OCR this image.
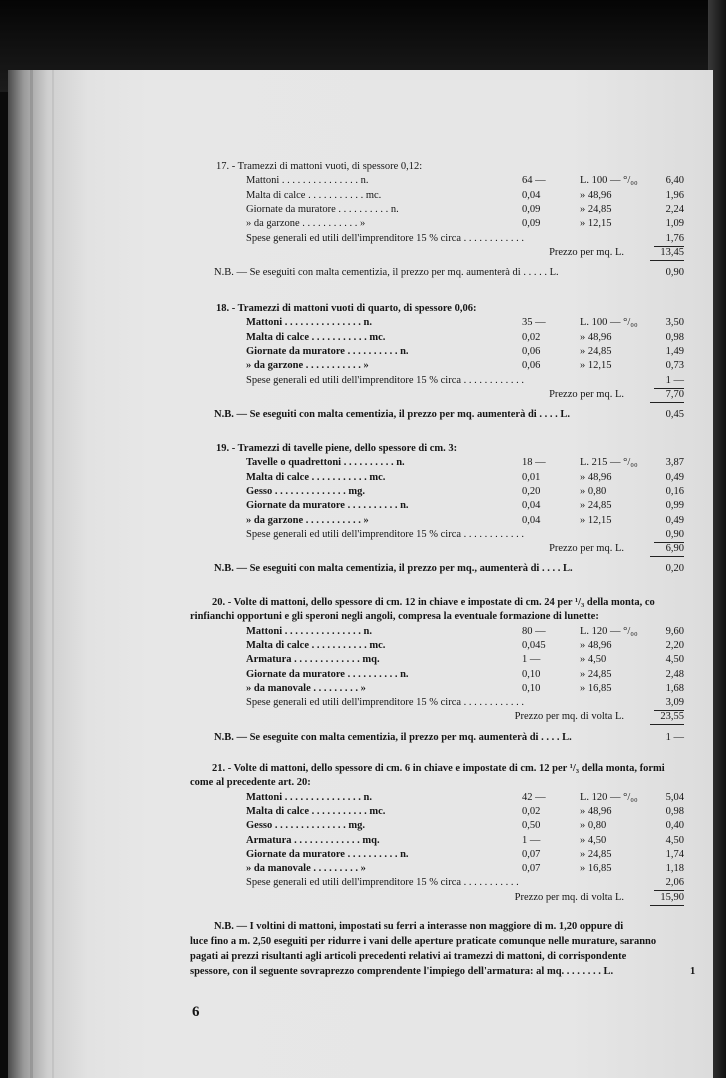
17. - Tramezzi di mattoni vuoti, di spessore 0,12:
Mattoni . . . . . . . . . . . . . . . n.	64 —	L. 100 — °/₀₀	6,40
Malta di calce . . . . . . . . . . . mc.	0,04	» 48,96	1,96
Giornate da muratore . . . . . . . . . . n.	0,09	» 24,85	2,24
» da garzone . . . . . . . . . . . »	0,09	» 12,15	1,09
Spese generali ed utili dell'imprenditore 15 % circa . . . . . . . . . . . .	1,76
Prezzo per mq. L.	13,45
N.B. — Se eseguiti con malta cementizia, il prezzo per mq. aumenterà di . . . . . L.	0,90
18. - Tramezzi di mattoni vuoti di quarto, di spessore 0,06:
Mattoni . . . . . . . . . . . . . . . n.	35 —	L. 100 — °/₀₀	3,50
Malta di calce . . . . . . . . . . . mc.	0,02	» 48,96	0,98
Giornate da muratore . . . . . . . . . . n.	0,06	» 24,85	1,49
» da garzone . . . . . . . . . . . »	0,06	» 12,15	0,73
Spese generali ed utili dell'imprenditore 15 % circa . . . . . . . . . . . .	1 —
Prezzo per mq. L.	7,70
N.B. — Se eseguiti con malta cementizia, il prezzo per mq. aumenterà di . . . . L.	0,45
19. - Tramezzi di tavelle piene, dello spessore di cm. 3:
Tavelle o quadrettoni . . . . . . . . . . n.	18 —	L. 215 — °/₀₀	3,87
Malta di calce . . . . . . . . . . . mc.	0,01	» 48,96	0,49
Gesso . . . . . . . . . . . . . . mg.	0,20	» 0,80	0,16
Giornate da muratore . . . . . . . . . . n.	0,04	» 24,85	0,99
» da garzone . . . . . . . . . . . »	0,04	» 12,15	0,49
Spese generali ed utili dell'imprenditore 15 % circa . . . . . . . . . . . .	0,90
Prezzo per mq. L.	6,90
N.B. — Se eseguiti con malta cementizia, il prezzo per mq., aumenterà di . . . . L.	0,20
20. - Volte di mattoni, dello spessore di cm. 12 in chiave e impostate di cm. 24 per ¹/₃ della monta, co
rinfianchi opportuni e gli speroni negli angoli, compresa la eventuale formazione di lunette:
Mattoni . . . . . . . . . . . . . . . n.	80 —	L. 120 — °/₀₀	9,60
Malta di calce . . . . . . . . . . . mc.	0,045	» 48,96	2,20
Armatura . . . . . . . . . . . . . mq.	1 —	» 4,50	4,50
Giornate da muratore . . . . . . . . . . n.	0,10	» 24,85	2,48
» da manovale . . . . . . . . . »	0,10	» 16,85	1,68
Spese generali ed utili dell'imprenditore 15 % circa . . . . . . . . . . . .	3,09
Prezzo per mq. di volta L.	23,55
N.B. — Se eseguite con malta cementizia, il prezzo per mq. aumenterà di . . . . L.	1 —
21. - Volte di mattoni, dello spessore di cm. 6 in chiave e impostate di cm. 12 per ¹/₃ della monta, formi
come al precedente art. 20:
Mattoni . . . . . . . . . . . . . . . n.	42 —	L. 120 — °/₀₀	5,04
Malta di calce . . . . . . . . . . . mc.	0,02	» 48,96	0,98
Gesso . . . . . . . . . . . . . . mg.	0,50	» 0,80	0,40
Armatura . . . . . . . . . . . . . mq.	1 —	» 4,50	4,50
Giornate da muratore . . . . . . . . . . n.	0,07	» 24,85	1,74
» da manovale . . . . . . . . . »	0,07	» 16,85	1,18
Spese generali ed utili dell'imprenditore 15 % circa . . . . . . . . . . .	2,06
Prezzo per mq. di volta L.	15,90
N.B. — I voltini di mattoni, impostati su ferri a interasse non maggiore di m. 1,20 oppure di
luce fino a m. 2,50 eseguiti per ridurre i vani delle aperture praticate comunque nelle murature, saranno
pagati ai prezzi risultanti agli articoli precedenti relativi ai tramezzi di mattoni, di corrispondente
spessore, con il seguente sovraprezzo comprendente l'impiego dell'armatura: al mq. . . . . . . . L.	1
6
